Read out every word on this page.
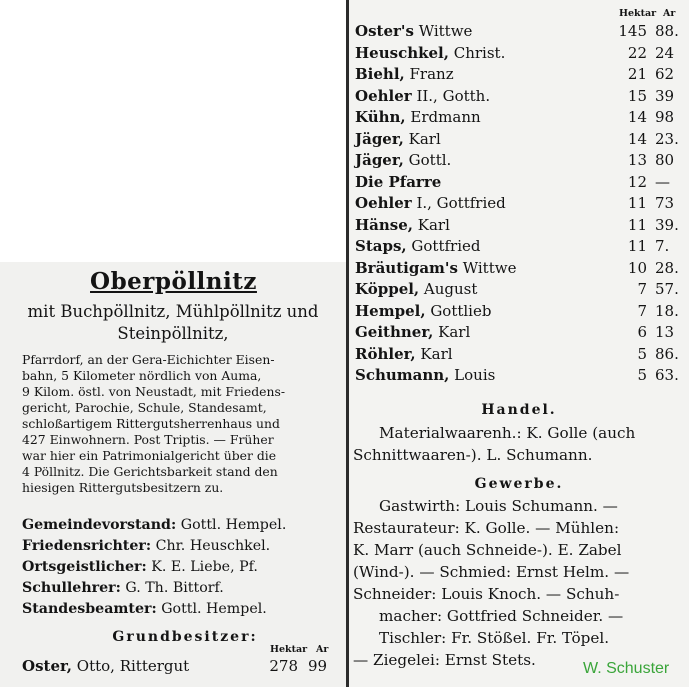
Oberpöllnitz
mit Buchpöllnitz, Mühlpöllnitz und
Steinpöllnitz,
Pfarrdorf, an der Gera-Eichichter Eisen-
bahn, 5 Kilometer nördlich von Auma,
9 Kilom. östl. von Neustadt, mit Friedens-
gericht, Parochie, Schule, Standesamt,
schloßartigem Rittergutsherrenhaus und
427 Einwohnern. Post Triptis. — Früher
war hier ein Patrimonialgericht über die
4 Pöllnitz. Die Gerichtsbarkeit stand den
hiesigen Rittergutsbesitzern zu.
Gemeindevorstand: Gottl. Hempel.
Friedensrichter: Chr. Heuschkel.
Ortsgeistlicher: K. E. Liebe, Pf.
Schullehrer: G. Th. Bittorf.
Standesbeamter: Gottl. Hempel.
Grundbesitzer:
Hektar Ar
Oster, Otto, Rittergut	278 99
Hektar Ar
Oster's Wittwe	145 88.
Heuschkel, Christ.	22 24
Biehl, Franz	21 62
Oehler II., Gotth.	15 39
Kühn, Erdmann	14 98
Jäger, Karl	14 23.
Jäger, Gottl.	13 80
Die Pfarre	12 —
Oehler I., Gottfried	11 73
Hänse, Karl	11 39.
Staps, Gottfried	11 7.
Bräutigam's Wittwe	10 28.
Köppel, August	7 57.
Hempel, Gottlieb	7 18.
Geithner, Karl	6 13
Röhler, Karl	5 86.
Schumann, Louis	5 63.
Handel.
Materialwaarenh.: K. Golle (auch
Schnittwaaren-). L. Schumann.
Gewerbe.
Gastwirth: Louis Schumann. —
Restaurateur: K. Golle. — Mühlen:
K. Marr (auch Schneide-). E. Zabel
(Wind-). — Schmied: Ernst Helm. —
Schneider: Louis Knoch. — Schuh-
macher: Gottfried Schneider. —
Tischler: Fr. Stößel. Fr. Töpel.
— Ziegelei: Ernst Stets.	W. Schuster
